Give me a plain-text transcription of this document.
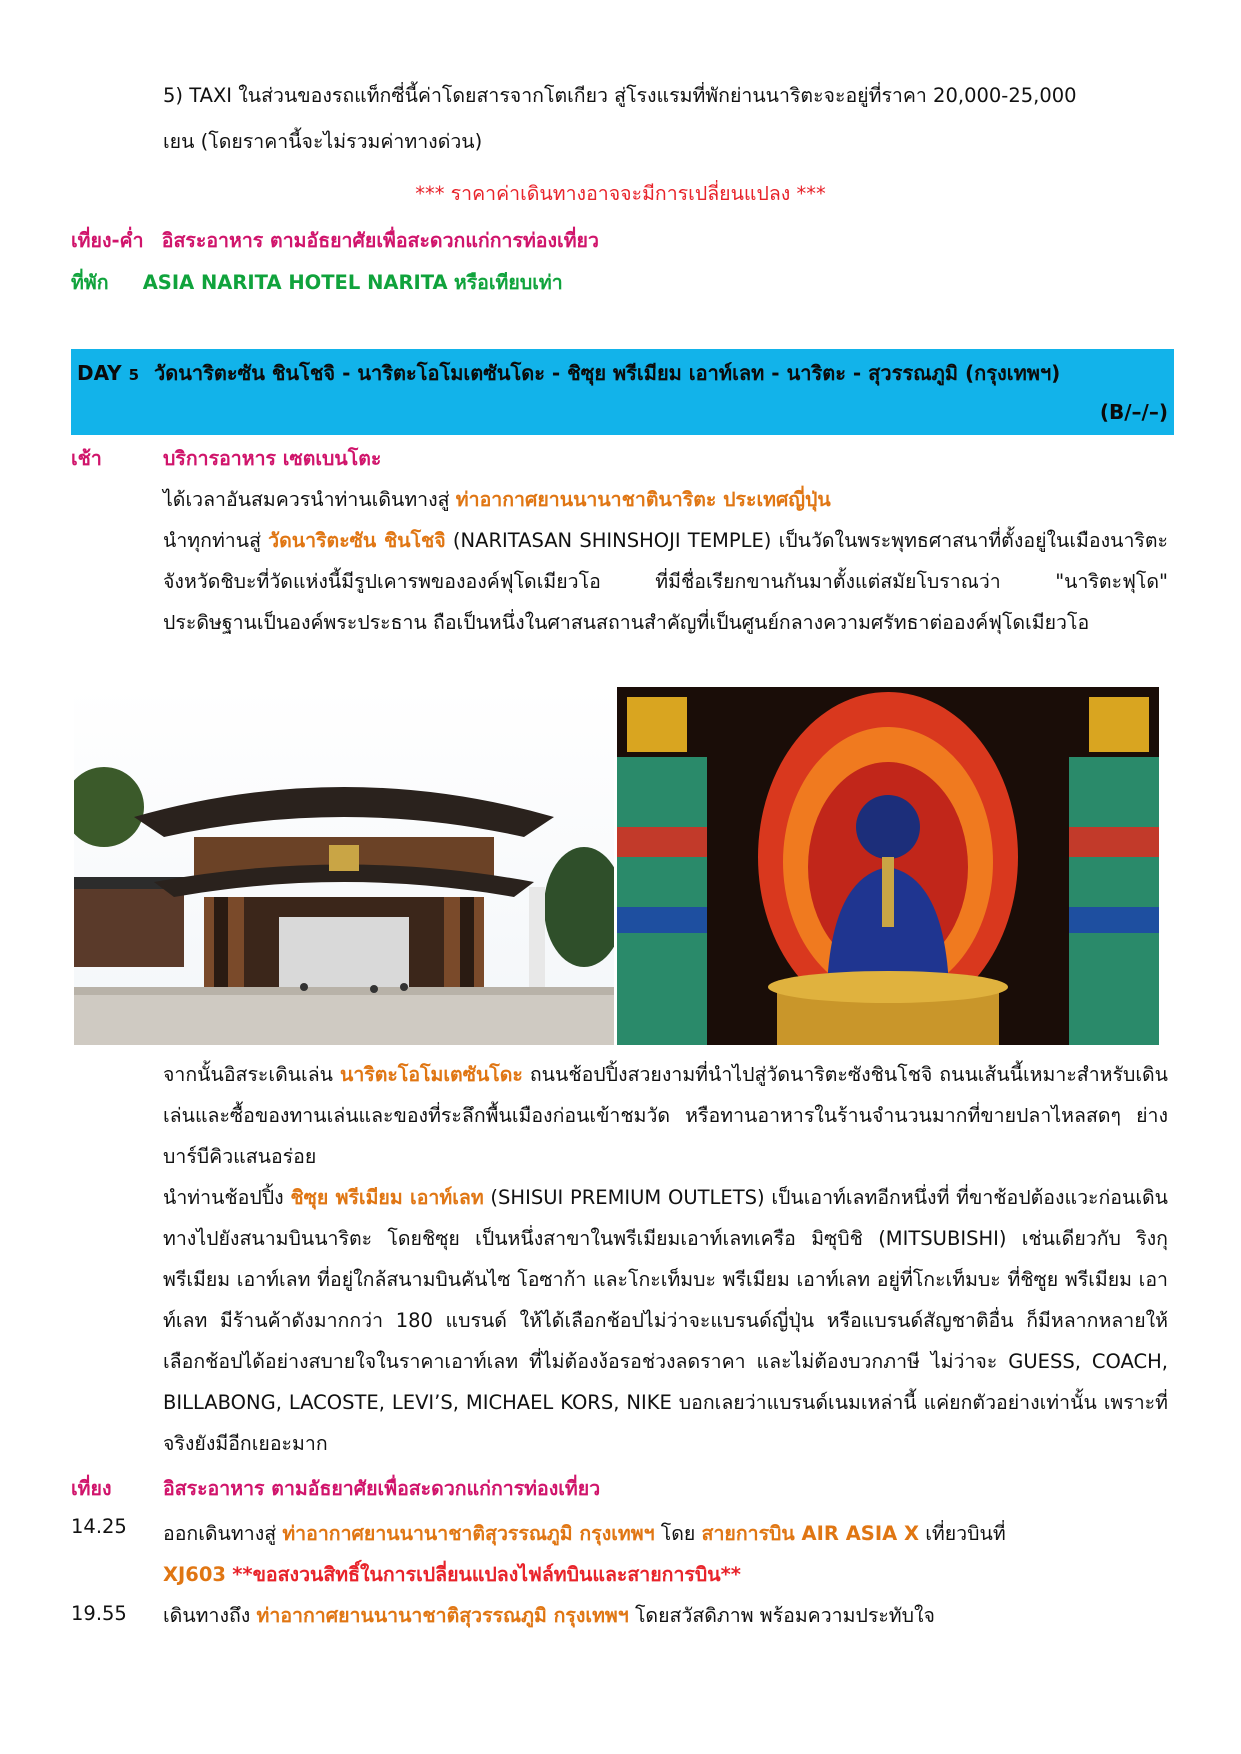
5) TAXI ในส่วนของรถแท็กซี่นี้ค่าโดยสารจากโตเกียว สู่โรงแรมที่พักย่านนาริตะจะอยู่ที่ราคา 20,000-25,000
เยน (โดยราคานี้จะไม่รวมค่าทางด่วน)
*** ราคาค่าเดินทางอาจจะมีการเปลี่ยนแปลง ***
เที่ยง-ค่ำ อิสระอาหาร ตามอัธยาศัยเพื่อสะดวกแก่การท่องเที่ยว
ที่พัก ASIA NARITA HOTEL NARITA หรือเทียบเท่า
DAY 5 วัดนาริตะซัน ชินโชจิ - นาริตะโอโมเตซันโดะ - ชิซุย พรีเมียม เอาท์เลท - นาริตะ - สุวรรณภูมิ (กรุงเทพฯ)
(B/–/–)
เช้า	บริการอาหาร เซตเบนโตะ
ได้เวลาอันสมควรนำท่านเดินทางสู่ ท่าอากาศยานนานาชาตินาริตะ ประเทศญี่ปุ่น
นำทุกท่านสู่ วัดนาริตะซัน ชินโชจิ (NARITASAN SHINSHOJI TEMPLE) เป็นวัดในพระพุทธศาสนาที่ตั้งอยู่ในเมืองนาริตะ จังหวัดชิบะที่วัดแห่งนี้มีรูปเคารพขององค์ฟุโดเมียวโอ ที่มีชื่อเรียกขานกันมาตั้งแต่สมัยโบราณว่า "นาริตะฟุโด" ประดิษฐานเป็นองค์พระประธาน ถือเป็นหนึ่งในศาสนสถานสำคัญที่เป็นศูนย์กลางความศรัทธาต่อองค์ฟุโดเมียวโอ
จากนั้นอิสระเดินเล่น นาริตะโอโมเตซันโดะ ถนนช้อปปิ้งสวยงามที่นำไปสู่วัดนาริตะซังชินโชจิ ถนนเส้นนี้เหมาะสำหรับเดินเล่นและซื้อของทานเล่นและของที่ระลึกพื้นเมืองก่อนเข้าชมวัด หรือทานอาหารในร้านจำนวนมากที่ขายปลาไหลสดๆ ย่างบาร์บีคิวแสนอร่อย
นำท่านช้อปปิ้ง ชิซุย พรีเมียม เอาท์เลท (SHISUI PREMIUM OUTLETS) เป็นเอาท์เลทอีกหนึ่งที่ ที่ขาช้อปต้องแวะก่อนเดินทางไปยังสนามบินนาริตะ โดยชิซุย เป็นหนึ่งสาขาในพรีเมียมเอาท์เลทเครือ มิซุบิชิ (MITSUBISHI) เช่นเดียวกับ ริงกุ พรีเมียม เอาท์เลท ที่อยู่ใกล้สนามบินคันไซ โอซาก้า และโกะเท็มบะ พรีเมียม เอาท์เลท อยู่ที่โกะเท็มบะ ที่ชิซูย พรีเมียม เอาท์เลท มีร้านค้าดังมากกว่า 180 แบรนด์ ให้ได้เลือกช้อปไม่ว่าจะแบรนด์ญี่ปุ่น หรือแบรนด์สัญชาติอื่น ก็มีหลากหลายให้เลือกช้อปได้อย่างสบายใจในราคาเอาท์เลท ที่ไม่ต้องง้อรอช่วงลดราคา และไม่ต้องบวกภาษี ไม่ว่าจะ GUESS, COACH, BILLABONG, LACOSTE, LEVI’S, MICHAEL KORS, NIKE บอกเลยว่าแบรนด์เนมเหล่านี้ แค่ยกตัวอย่างเท่านั้น เพราะที่จริงยังมีอีกเยอะมาก
เที่ยง	อิสระอาหาร ตามอัธยาศัยเพื่อสะดวกแก่การท่องเที่ยว
14.25 ออกเดินทางสู่ ท่าอากาศยานนานาชาติสุวรรณภูมิ กรุงเทพฯ โดย สายการบิน AIR ASIA X เที่ยวบินที่
XJ603 **ขอสงวนสิทธิ์ในการเปลี่ยนแปลงไฟล์ทบินและสายการบิน**
19.55 เดินทางถึง ท่าอากาศยานนานาชาติสุวรรณภูมิ กรุงเทพฯ โดยสวัสดิภาพ พร้อมความประทับใจ
